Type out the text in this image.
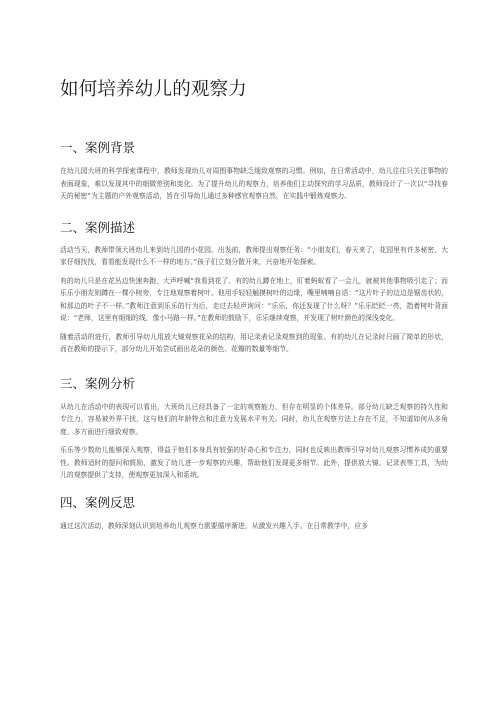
如何培养幼儿的观察力
一、案例背景

在幼儿园大班的科学探索课程中，教师发现幼儿对周围事物缺乏细致观察的习惯。例如，在日常活动中，幼儿往往只关注事物的表面现象，难以发现其中的细微差别和变化。为了提升幼儿的观察力，培养他们主动探究的学习品质，教师设计了一次以“寻找春天的秘密”为主题的户外观察活动，旨在引导幼儿通过多种感官观察自然，在实践中锻炼观察力。

二、案例描述

活动当天，教师带领大班幼儿来到幼儿园的小花园。出发前，教师提出观察任务：“小朋友们，春天来了，花园里有许多秘密，大家仔细找找，看看能发现什么不一样的地方。”孩子们立刻分散开来，兴奋地开始探索。

有的幼儿只是在花丛边快速奔跑，大声呼喊“我看到花了、有的幼儿蹲在地上，盯着蚂蚁看了一会儿，就被其他事物吸引走了；而乐乐小朋友则蹲在一棵小树旁，专注地观察着树叶。他用手轻轻触摸树叶的边缘，嘴里喃喃自语：“这片叶子的边边是锯齿状的，和那边的叶子不一样。”教师注意到乐乐的行为后，走过去轻声询问：“乐乐，你还发现了什么呀？”乐乐眨眨一亮，指着树叶背面说：“老师，这里有细细的线，像小马路一样。”在教师的鼓励下，乐乐继续观察，并发现了树叶颜色的深浅变化。

随着活动的进行，教师引导幼儿用放大镜观察花朵的结构，用记录表记录观察到的现象。有的幼儿在记录时只画了简单的形状，而在教师的提示下，部分幼儿开始尝试画出花朵的颜色、花瓣的数量等细节。

三、案例分析

从幼儿在活动中的表现可以看出，大班幼儿已经具备了一定的观察能力，但存在明显的个体差异。部分幼儿缺乏观察的持久性和专注力，容易被外界干扰，这与他们的年龄特点和注意力发展水平有关。同时，幼儿在观察方法上存在不足，不知道如何从多角度、多方面进行细致观察。

乐乐等少数幼儿能够深入观察，得益于他们本身具有较强的好奇心和专注力，同时也反映出教师引导对幼儿观察习惯养成的重要性。教师适时的提问和鼓励，激发了幼儿进一步观察的兴趣，帮助他们发现更多细节。此外，提供放大镜、记录表等工具，为幼儿的观察提供了支持，使观察更加深入和系统。

四、案例反思

通过这次活动，教师深刻认识到培养幼儿观察力需要循序渐进，从激发兴趣入手。在日常教学中，应多
